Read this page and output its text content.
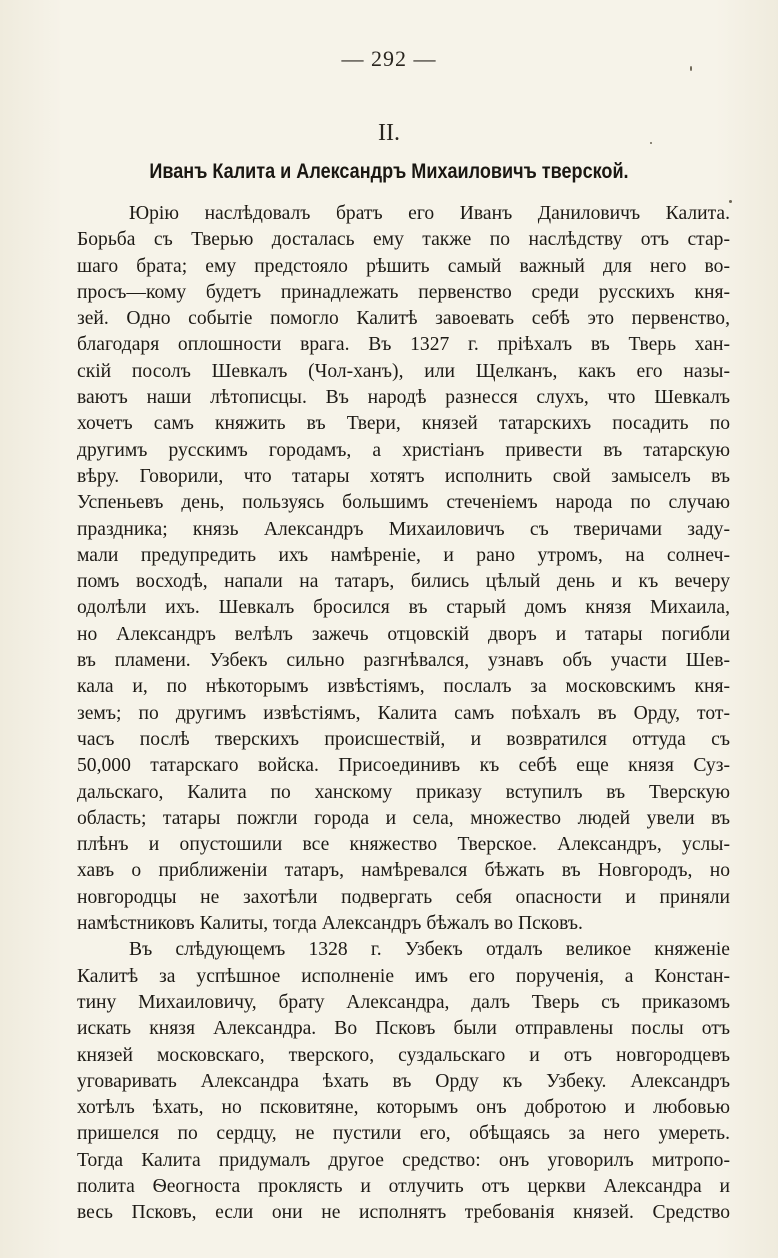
— 292 —
II.
Иванъ Калита и Александръ Михаиловичъ тверской.
Юрію наслѣдовалъ братъ его Иванъ Даниловичъ Калита.
Борьба съ Тверью досталась ему также по наслѣдству отъ стар-
шаго брата; ему предстояло рѣшить самый важный для него во-
просъ—кому будетъ принадлежать первенство среди русскихъ кня-
зей. Одно событіе помогло Калитѣ завоевать себѣ это первенство,
благодаря оплошности врага. Въ 1327 г. пріѣхалъ въ Тверь хан-
скій посолъ Шевкалъ (Чол-ханъ), или Щелканъ, какъ его назы-
ваютъ наши лѣтописцы. Въ народѣ разнесся слухъ, что Шевкалъ
хочетъ самъ княжить въ Твери, князей татарскихъ посадить по
другимъ русскимъ городамъ, а христіанъ привести въ татарскую
вѣру. Говорили, что татары хотятъ исполнить свой замыселъ въ
Успеньевъ день, пользуясь большимъ стеченіемъ народа по случаю
праздника; князь Александръ Михаиловичъ съ тверичами заду-
мали предупредить ихъ намѣреніе, и рано утромъ, на солнеч-
помъ восходѣ, напали на татаръ, бились цѣлый день и къ вечеру
одолѣли ихъ. Шевкалъ бросился въ старый домъ князя Михаила,
но Александръ велѣлъ зажечь отцовскій дворъ и татары погибли
въ пламени. Узбекъ сильно разгнѣвался, узнавъ объ участи Шев-
кала и, по нѣкоторымъ извѣстіямъ, послалъ за московскимъ кня-
земъ; по другимъ извѣстіямъ, Калита самъ поѣхалъ въ Орду, тот-
часъ послѣ тверскихъ происшествій, и возвратился оттуда съ
50,000 татарскаго войска. Присоединивъ къ себѣ еще князя Суз-
дальскаго, Калита по ханскому приказу вступилъ въ Тверскую
область; татары пожгли города и села, множество людей увели въ
плѣнъ и опустошили все княжество Тверское. Александръ, услы-
хавъ о приближеніи татаръ, намѣревался бѣжать въ Новгородъ, но
новгородцы не захотѣли подвергать себя опасности и приняли
намѣстниковъ Калиты, тогда Александръ бѣжалъ во Псковъ.
Въ слѣдующемъ 1328 г. Узбекъ отдалъ великое княженіе
Калитѣ за успѣшное исполненіе имъ его порученія, а Констан-
тину Михаиловичу, брату Александра, далъ Тверь съ приказомъ
искать князя Александра. Во Псковъ были отправлены послы отъ
князей московскаго, тверского, суздальскаго и отъ новгородцевъ
уговаривать Александра ѣхать въ Орду къ Узбеку. Александръ
хотѣлъ ѣхать, но псковитяне, которымъ онъ добротою и любовью
пришелся по сердцу, не пустили его, обѣщаясь за него умереть.
Тогда Калита придумалъ другое средство: онъ уговорилъ митропо-
полита Ѳеогноста проклясть и отлучить отъ церкви Александра и
весь Псковъ, если они не исполнятъ требованія князей. Средство
